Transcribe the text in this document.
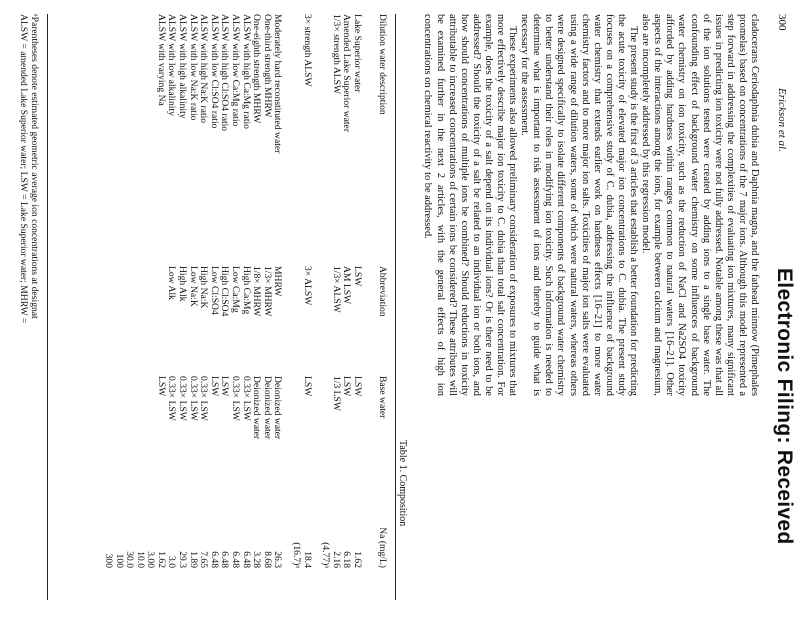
300
Erickson et al.
Electronic Filing: Received

cladocerans Ceriodaphnia dubia and Daphnia magna, and the fathead minnow (Pimephales promelas) based on concentrations of the 7 major ions. Although this model represented a step forward in addressing the complexities of evaluating ion mixtures, many significant issues in predicting ion toxicity were not fully addressed. Notable among these was that all of the ion solutions tested were created by adding ions to a single base water. The confounding effect of background water chemistry on some influences of background water chemistry on ion toxicity, such as the reduction of NaCl and Na2SO4 toxicity afforded by adding hardness within ranges common to natural waters [16–21]. Other aspects of the interactions among the ions, for example between calcium and magnesium, also are incompletely addressed by this regression model.

The present study is the first of 3 articles that establish a better foundation for predicting the acute toxicity of elevated major ion concentrations to C. dubia. The present study focuses on a comprehensive study of C. dubia, addressing the influence of background water chemistry that extends earlier work on hardness effects [16–21] to more water chemistry factors and to more major ion salts. Toxicities of major ion salts were evaluated using a wide range of dilution waters, some of which were natural waters, whereas others were designed specifically to isolate different components of background water chemistry to better understand their roles in modifying ion toxicity. Such information is needed to determine what is important to risk assessment of ions and thereby to guide what is necessary for the assessment.

These experiments also allowed preliminary consideration of exposures to mixtures that more effectively describe major ion toxicity to C. dubia than total salt concentration. For example, does the toxicity of a salt depend on its individual ions? Or is there need to be addressed? Should the toxicity of a salt be related to an individual ion or both ions, and how should concentrations of multiple ions be combined? Should reductions in toxicity attributable to increased concentrations of certain ions be considered? These attributes will be examined further in the next 2 articles, with the general effects of high ion concentrations on chemical reactivity to be addressed.

Table 1. Composition
Dilution water description
Abbreviation
Base water
Na (mg/L)
Lake Superior water
LSW
LSW
1.62
Amended Lake Superior water
AM LSW
LSW
6.18
1/3× strength ALSW
1/3× ALSW
1/3 LSW
2.16
(4.77)ᵃ
3× strength ALSW
3× ALSW
LSW
18.4
(16.7)ᵃ
Moderately hard reconstituted water
MHRW
Deionized water
26.3
One-third strength MHRW
1/3× MHRW
Deionized water
8.68
One-eighth strength MHRW
1/8× MHRW
Deionized water
3.28
ALSW with high Ca:Mg ratio
High Ca:Mg
0.33× LSW
6.48
ALSW with low Ca:Mg ratio
Low Ca:Mg
0.33× LSW
6.48
ALSW with high Cl:SO4 ratio
High Cl:SO4
LSW
6.48
ALSW with low Cl:SO4 ratio
Low Cl:SO4
LSW
6.48
ALSW with high Na:K ratio
High Na:K
0.33× LSW
7.65
ALSW with low Na:K ratio
Low Na:K
0.33× LSW
1.89
ALSW with high alkalinity
High Alk
0.33× LSW
29.3
ALSW with low alkalinity
Low Alk
0.33× LSW
3.0
ALSW with varying Na
LSW
1.62
3.00
10.0
30.0
100
300
ᵃParentheses denote estimated geometric average ion concentrations at designat
ALSW = amended Lake Superior water; LSW = Lake Superior water; MHRW =
